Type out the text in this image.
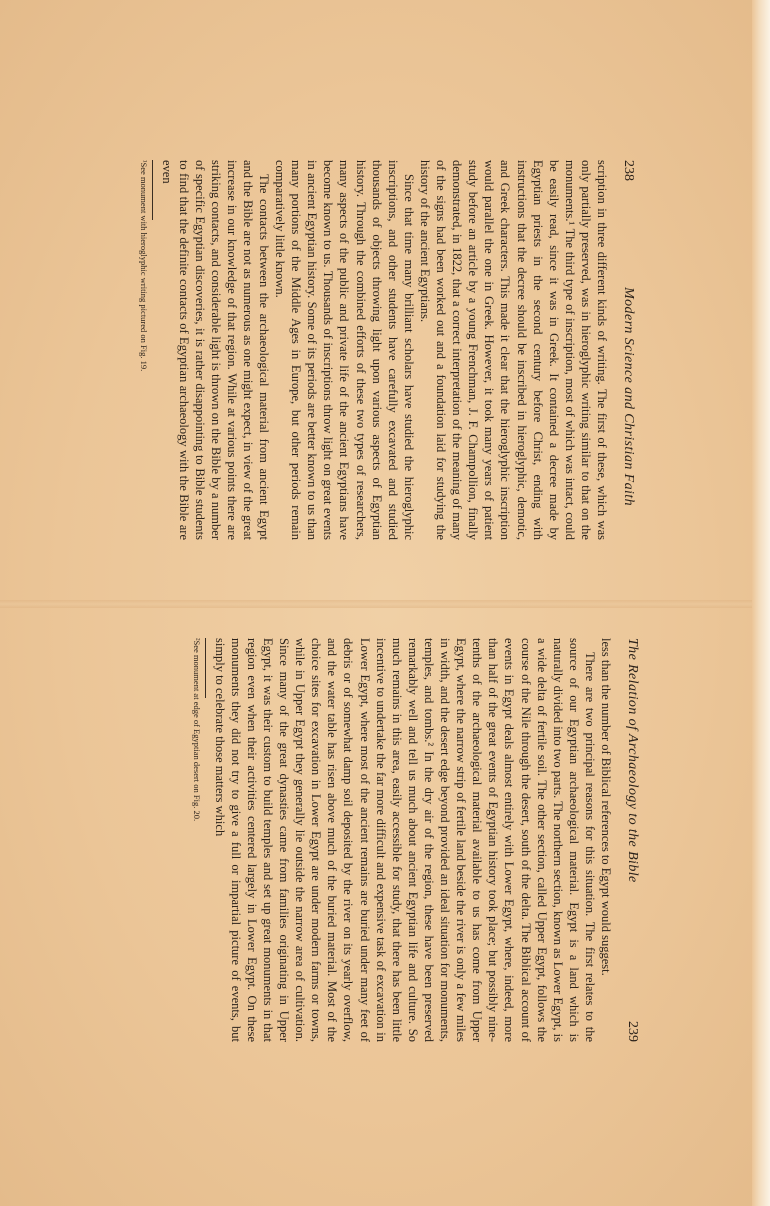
238
Modern Science and Christian Faith

scription in three different kinds of writing. The first of these, which was only partially preserved, was in hieroglyphic writing similar to that on the monuments.¹ The third type of inscription, most of which was intact, could be easily read, since it was in Greek. It contained a decree made by Egyptian priests in the second century before Christ, ending with instructions that the decree should be inscribed in hieroglyphic, demotic, and Greek characters. This made it clear that the hieroglyphic inscription would parallel the one in Greek. However, it took many years of patient study before an article by a young Frenchman, J. F. Champollion, finally demonstrated, in 1822, that a correct interpretation of the meaning of many of the signs had been worked out and a foundation laid for studying the history of the ancient Egyptians.

Since that time many brilliant scholars have studied the hieroglyphic inscriptions, and other students have carefully excavated and studied thousands of objects throwing light upon various aspects of Egyptian history. Through the combined efforts of these two types of researchers, many aspects of the public and private life of the ancient Egyptians have become known to us. Thousands of inscriptions throw light on great events in ancient Egyptian history. Some of its periods are better known to us than many portions of the Middle Ages in Europe, but other periods remain comparatively little known.

The contacts between the archaeological material from ancient Egypt and the Bible are not as numerous as one might expect, in view of the great increase in our knowledge of that region. While at various points there are striking contacts, and considerable light is thrown on the Bible by a number of specific Egyptian discoveries, it is rather disappointing to Bible students to find that the definite contacts of Egyptian archaeology with the Bible are even

¹See monument with hieroglyphic writing pictured on Fig. 19.
The Relation of Archaeology to the Bible
239

less than the number of Biblical references to Egypt would suggest.

There are two principal reasons for this situation. The first relates to the source of our Egyptian archaeological material. Egypt is a land which is naturally divided into two parts. The northern section, known as Lower Egypt, is a wide delta of fertile soil. The other section, called Upper Egypt, follows the course of the Nile through the desert, south of the delta. The Biblical account of events in Egypt deals almost entirely with Lower Egypt, where, indeed, more than half of the great events of Egyptian history took place; but possibly nine-tenths of the archaeological material available to us has come from Upper Egypt, where the narrow strip of fertile land beside the river is only a few miles in width, and the desert edge beyond provided an ideal situation for monuments, temples, and tombs.² In the dry air of the region, these have been preserved remarkably well and tell us much about ancient Egyptian life and culture. So much remains in this area, easily accessible for study, that there has been little incentive to undertake the far more difficult and expensive task of excavation in Lower Egypt, where most of the ancient remains are buried under many feet of debris or of somewhat damp soil deposited by the river on its yearly overflow, and the water table has risen above much of the buried material. Most of the choice sites for excavation in Lower Egypt are under modern farms or towns, while in Upper Egypt they generally lie outside the narrow area of cultivation. Since many of the great dynasties came from families originating in Upper Egypt, it was their custom to build temples and set up great monuments in that region even when their activities centered largely in Lower Egypt. On these monuments they did not try to give a full or impartial picture of events, but simply to celebrate those matters which

²See monument at edge of Egyptian desert on Fig. 20.
